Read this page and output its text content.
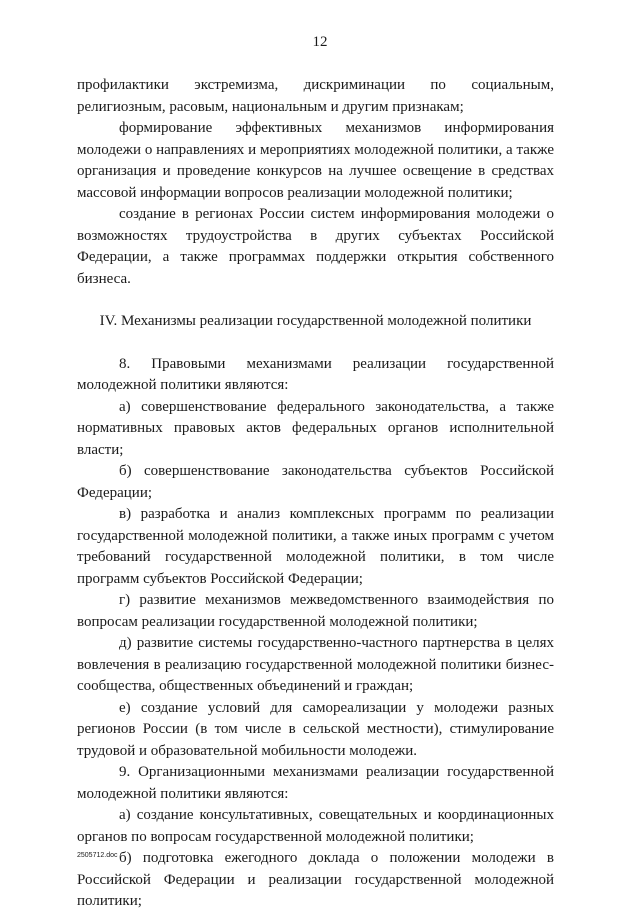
12

профилактики экстремизма, дискриминации по социальным, религиозным, расовым, национальным и другим признакам;

формирование эффективных механизмов информирования молодежи о направлениях и мероприятиях молодежной политики, а также организация и проведение конкурсов на лучшее освещение в средствах массовой информации вопросов реализации молодежной политики;

создание в регионах России систем информирования молодежи о возможностях трудоустройства в других субъектах Российской Федерации, а также программах поддержки открытия собственного бизнеса.

IV. Механизмы реализации государственной молодежной политики

8. Правовыми механизмами реализации государственной молодежной политики являются:

а) совершенствование федерального законодательства, а также нормативных правовых актов федеральных органов исполнительной власти;

б) совершенствование законодательства субъектов Российской Федерации;

в) разработка и анализ комплексных программ по реализации государственной молодежной политики, а также иных программ с учетом требований государственной молодежной политики, в том числе программ субъектов Российской Федерации;

г) развитие механизмов межведомственного взаимодействия по вопросам реализации государственной молодежной политики;

д) развитие системы государственно-частного партнерства в целях вовлечения в реализацию государственной молодежной политики бизнес-сообщества, общественных объединений и граждан;

е) создание условий для самореализации у молодежи разных регионов России (в том числе в сельской местности), стимулирование трудовой и образовательной мобильности молодежи.

9. Организационными механизмами реализации государственной молодежной политики являются:

а) создание консультативных, совещательных и координационных органов по вопросам государственной молодежной политики;

б) подготовка ежегодного доклада о положении молодежи в Российской Федерации и реализации государственной молодежной политики;

2505712.doc
